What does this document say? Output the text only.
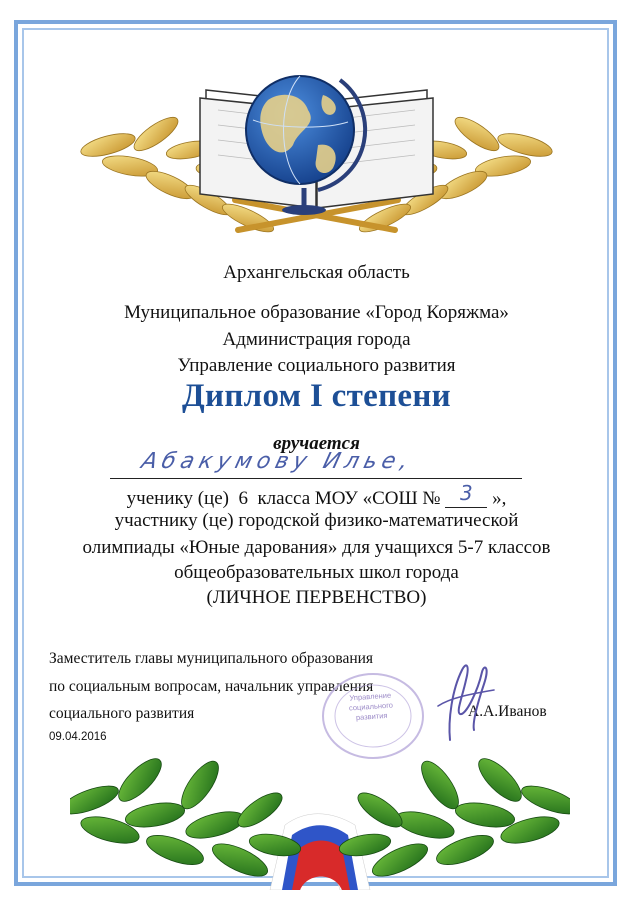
Архангельская область
Муниципальное образование «Город Коряжма»
Администрация города
Управление социального развития
Диплом I степени
вручается
Абакумову Илье,
ученику (це)  6  класса МОУ «СОШ № 3 »,
участнику (це) городской физико-математической
олимпиады «Юные дарования» для учащихся 5-7 классов
общеобразовательных школ города
(ЛИЧНОЕ ПЕРВЕНСТВО)
Заместитель главы муниципального образования
по социальным вопросам, начальник управления
социального развития	А.А.Иванов
09.04.2016
Управление социального развития
